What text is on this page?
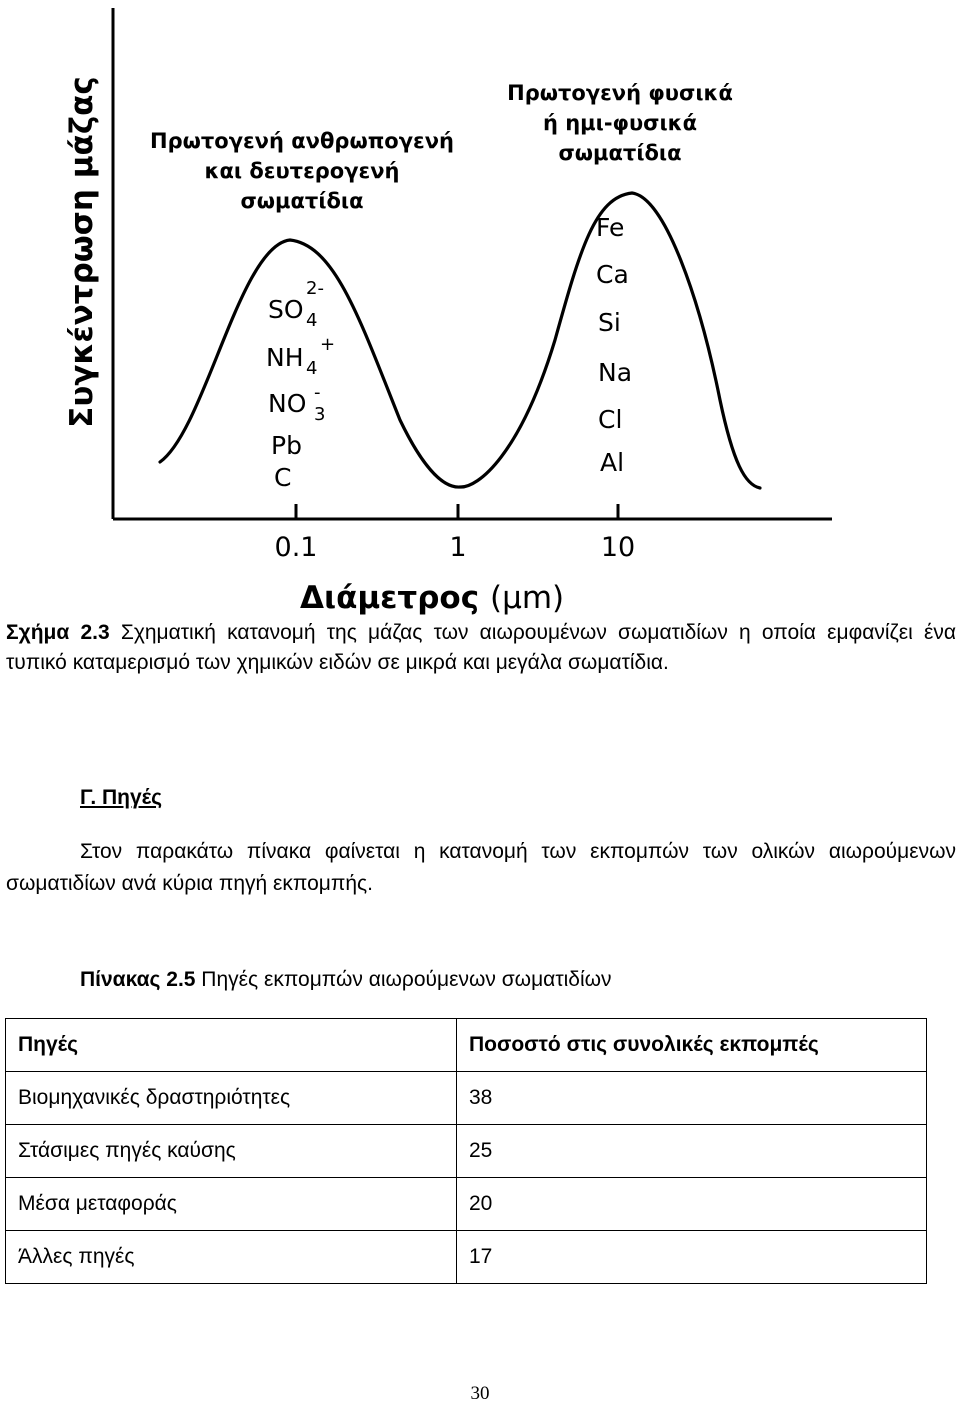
Συγκέντρωση μάζας
0.1	1	10
Διάμετρος (μm)
Πρωτογενή ανθρωπογενή
και δευτερογενή
σωματίδια
SO 4
2-
NH 4
+
NO 3
-
Pb
C
Πρωτογενή φυσικά
ή ημι-φυσικά
σωματίδια
Fe
Ca
Si
Na
Cl
Al
Σχήμα 2.3 Σχηματική κατανομή της μάζας των αιωρουμένων σωματιδίων η οποία εμφανίζει ένα τυπικό καταμερισμό των χημικών ειδών σε μικρά και μεγάλα σωματίδια.
Γ. Πηγές
Στον παρακάτω πίνακα φαίνεται η κατανομή των εκπομπών των ολικών αιωρούμενων σωματιδίων ανά κύρια πηγή εκπομπής.
Πίνακας 2.5 Πηγές εκπομπών αιωρούμενων σωματιδίων
Πηγές	Ποσοστό στις συνολικές εκπομπές
Βιομηχανικές δραστηριότητες	38
Στάσιμες πηγές καύσης	25
Μέσα μεταφοράς	20
Άλλες πηγές	17
30
